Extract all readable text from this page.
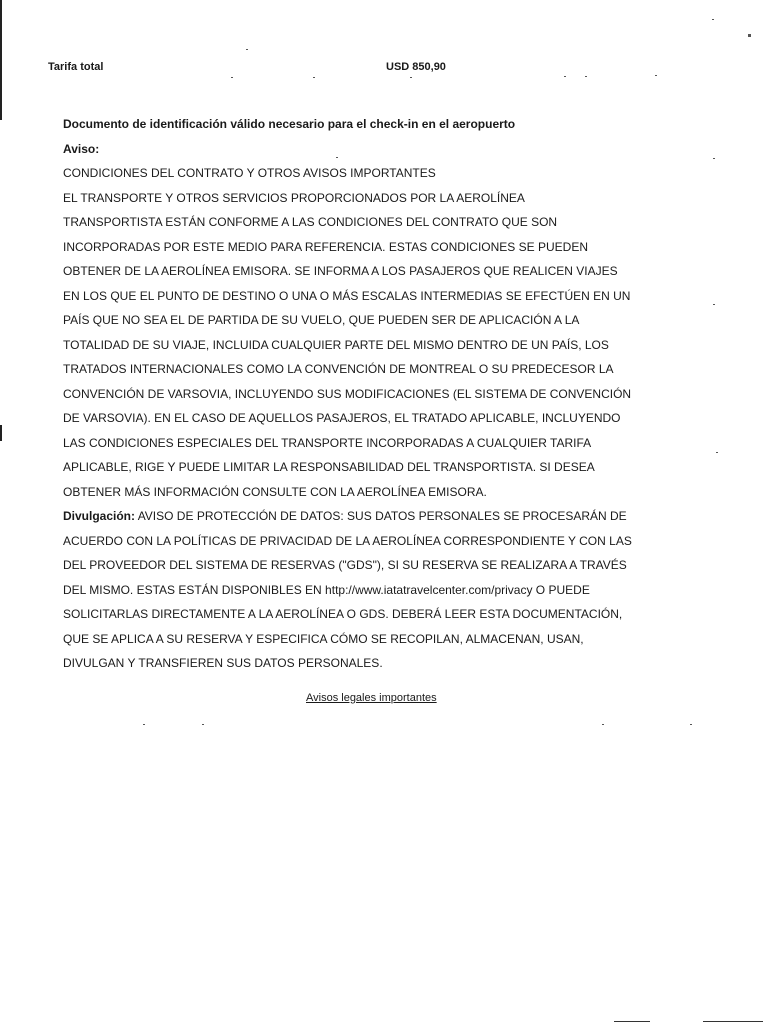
Tarifa total	USD 850,90
Documento de identificación válido necesario para el check-in en el aeropuerto
Aviso:
CONDICIONES DEL CONTRATO Y OTROS AVISOS IMPORTANTES
EL TRANSPORTE Y OTROS SERVICIOS PROPORCIONADOS POR LA AEROLÍNEA
TRANSPORTISTA ESTÁN CONFORME A LAS CONDICIONES DEL CONTRATO QUE SON
INCORPORADAS POR ESTE MEDIO PARA REFERENCIA. ESTAS CONDICIONES SE PUEDEN
OBTENER DE LA AEROLÍNEA EMISORA. SE INFORMA A LOS PASAJEROS QUE REALICEN VIAJES
EN LOS QUE EL PUNTO DE DESTINO O UNA O MÁS ESCALAS INTERMEDIAS SE EFECTÚEN EN UN
PAÍS QUE NO SEA EL DE PARTIDA DE SU VUELO, QUE PUEDEN SER DE APLICACIÓN A LA
TOTALIDAD DE SU VIAJE, INCLUIDA CUALQUIER PARTE DEL MISMO DENTRO DE UN PAÍS, LOS
TRATADOS INTERNACIONALES COMO LA CONVENCIÓN DE MONTREAL O SU PREDECESOR LA
CONVENCIÓN DE VARSOVIA, INCLUYENDO SUS MODIFICACIONES (EL SISTEMA DE CONVENCIÓN
DE VARSOVIA). EN EL CASO DE AQUELLOS PASAJEROS, EL TRATADO APLICABLE, INCLUYENDO
LAS CONDICIONES ESPECIALES DEL TRANSPORTE INCORPORADAS A CUALQUIER TARIFA
APLICABLE, RIGE Y PUEDE LIMITAR LA RESPONSABILIDAD DEL TRANSPORTISTA. SI DESEA
OBTENER MÁS INFORMACIÓN CONSULTE CON LA AEROLÍNEA EMISORA.
Divulgación: AVISO DE PROTECCIÓN DE DATOS: SUS DATOS PERSONALES SE PROCESARÁN DE
ACUERDO CON LA POLÍTICAS DE PRIVACIDAD DE LA AEROLÍNEA CORRESPONDIENTE Y CON LAS
DEL PROVEEDOR DEL SISTEMA DE RESERVAS ("GDS"), SI SU RESERVA SE REALIZARA A TRAVÉS
DEL MISMO. ESTAS ESTÁN DISPONIBLES EN http://www.iatatravelcenter.com/privacy O PUEDE
SOLICITARLAS DIRECTAMENTE A LA AEROLÍNEA O GDS. DEBERÁ LEER ESTA DOCUMENTACIÓN,
QUE SE APLICA A SU RESERVA Y ESPECIFICA CÓMO SE RECOPILAN, ALMACENAN, USAN,
DIVULGAN Y TRANSFIEREN SUS DATOS PERSONALES.
Avisos legales importantes
